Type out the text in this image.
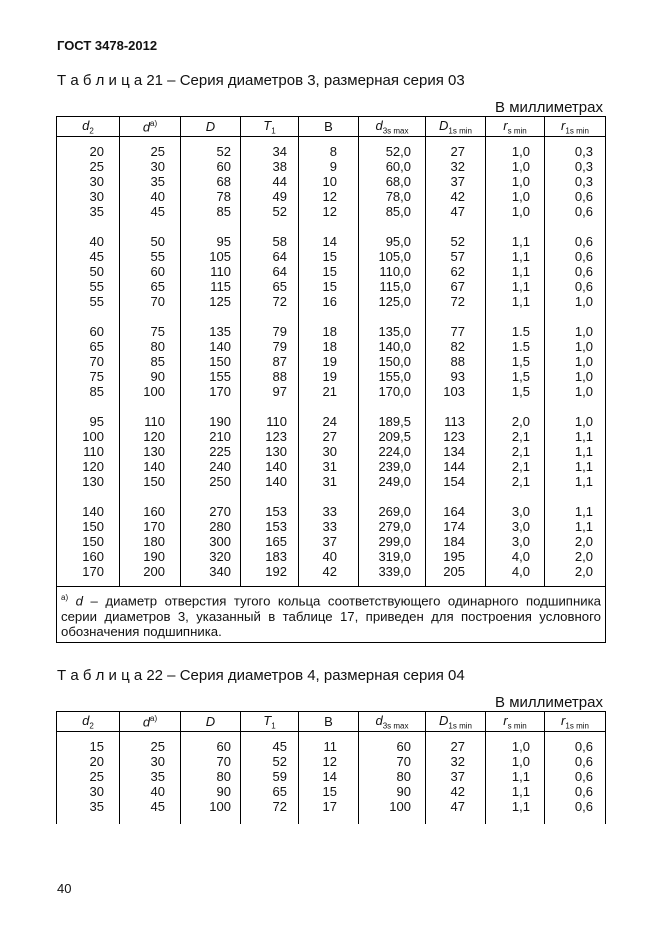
ГОСТ 3478-2012
Т а б л и ц а 21 – Серия диаметров 3, размерная серия 03
В миллиметрах
$d_2$	$d^{a)}$	D	$T_1$	B	$d_{3s max}$	$D_{1s min}$	$r_{s min}$	$r_{1s min}$

20	25	52	34	8	52,0	27	1,0	0,3
25	30	60	38	9	60,0	32	1,0	0,3
30	35	68	44	10	68,0	37	1,0	0,3
30	40	78	49	12	78,0	42	1,0	0,6
35	45	85	52	12	85,0	47	1,0	0,6

40	50	95	58	14	95,0	52	1,1	0,6
45	55	105	64	15	105,0	57	1,1	0,6
50	60	110	64	15	110,0	62	1,1	0,6
55	65	115	65	15	115,0	67	1,1	0,6
55	70	125	72	16	125,0	72	1,1	1,0

60	75	135	79	18	135,0	77	1.5	1,0
65	80	140	79	18	140,0	82	1.5	1,0
70	85	150	87	19	150,0	88	1,5	1,0
75	90	155	88	19	155,0	93	1,5	1,0
85	100	170	97	21	170,0	103	1,5	1,0

95	110	190	110	24	189,5	113	2,0	1,0
100	120	210	123	27	209,5	123	2,1	1,1
110	130	225	130	30	224,0	134	2,1	1,1
120	140	240	140	31	239,0	144	2,1	1,1
130	150	250	140	31	249,0	154	2,1	1,1

140	160	270	153	33	269,0	164	3,0	1,1
150	170	280	153	33	279,0	174	3,0	1,1
150	180	300	165	37	299,0	184	3,0	2,0
160	190	320	183	40	319,0	195	4,0	2,0
170	200	340	192	42	339,0	205	4,0	2,0

$^{a)}$ d – диаметр отверстия тугого кольца соответствующего одинарного подшипника серии диаметров 3, указанный в таблице 17, приведен для построения условного обозначения подшипника.								
Т а б л и ц а 22 – Серия диаметров 4, размерная серия 04
В миллиметрах
$d_2$	$d^{a)}$	D	$T_1$	B	$d_{3s max}$	$D_{1s min}$	$r_{s min}$	$r_{1s min}$

15	25	60	45	11	60	27	1,0	0,6
20	30	70	52	12	70	32	1,0	0,6
25	35	80	59	14	80	37	1,1	0,6
30	40	90	65	15	90	42	1,1	0,6
35	45	100	72	17	100	47	1,1	0,6

40
